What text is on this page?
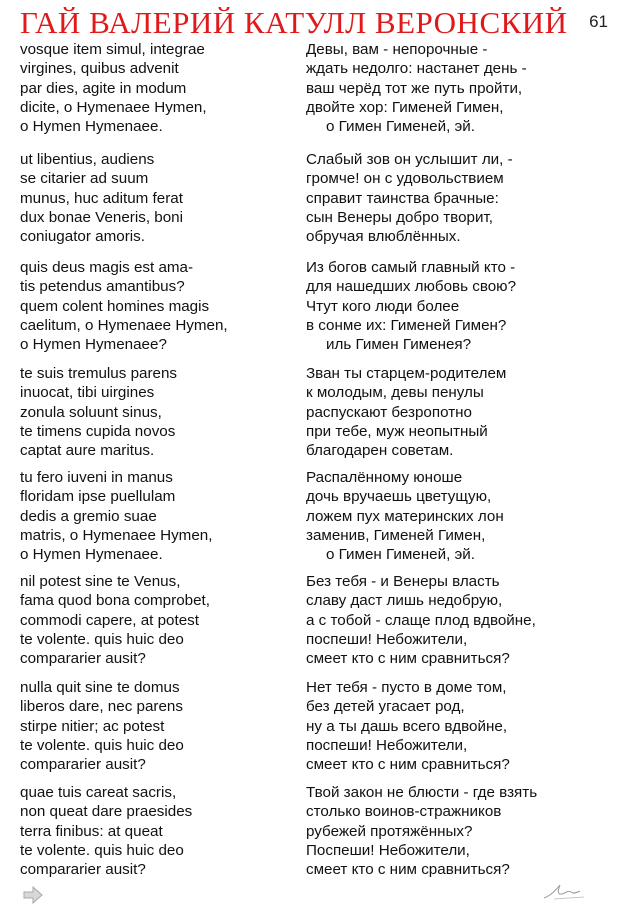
ГАЙ ВАЛЕРИЙ КАТУЛЛ ВЕРОНСКИЙ 61
vosque item simul, integrae
virgines, quibus advenit
par dies, agite in modum
dicite, o Hymenaee Hymen,
o Hymen Hymenaee.
ut libentius, audiens
se citarier ad suum
munus, huc aditum ferat
dux bonae Veneris, boni
coniugator amoris.
quis deus magis est ama-
tis petendus amantibus?
quem colent homines magis
caelitum, o Hymenaee Hymen,
o Hymen Hymenaee?
te suis tremulus parens
inuocat, tibi uirgines
zonula soluunt sinus,
te timens cupida novos
captat aure maritus.
tu fero iuveni in manus
floridam ipse puellulam
dedis a gremio suae
matris, o Hymenaee Hymen,
o Hymen Hymenaee.
nil potest sine te Venus,
fama quod bona comprobet,
commodi capere, at potest
te volente. quis huic deo
compararier ausit?
nulla quit sine te domus
liberos dare, nec parens
stirpe nitier; ac potest
te volente. quis huic deo
compararier ausit?
quae tuis careat sacris,
non queat dare praesides
terra finibus: at queat
te volente. quis huic deo
compararier ausit?
Девы, вам - непорочные -
ждать недолго: настанет день -
ваш черёд тот же путь пройти,
двойте хор: Гименей Гимен,
о Гимен Гименей, эй.
Слабый зов он услышит ли, -
громче! он с удовольствием
справит таинства брачные:
сын Венеры добро творит,
обручая влюблённых.
Из богов самый главный кто -
для нашедших любовь свою?
Чтут кого люди более
в сонме их: Гименей Гимен?
иль Гимен Гименея?
Зван ты старцем-родителем
к молодым, девы пенулы
распускают безропотно
при тебе, муж неопытный
благодарен советам.
Распалённому юноше
дочь вручаешь цветущую,
ложем пух материнских лон
заменив, Гименей Гимен,
о Гимен Гименей, эй.
Без тебя - и Венеры власть
славу даст лишь недобрую,
а с тобой - слаще плод вдвойне,
поспеши! Небожители,
смеет кто с ним сравниться?
Нет тебя - пусто в доме том,
без детей угасает род,
ну а ты дашь всего вдвойне,
поспеши! Небожители,
смеет кто с ним сравниться?
Твой закон не блюсти - где взять
столько воинов-стражников
рубежей протяжённых?
Поспеши! Небожители,
смеет кто с ним сравниться?
